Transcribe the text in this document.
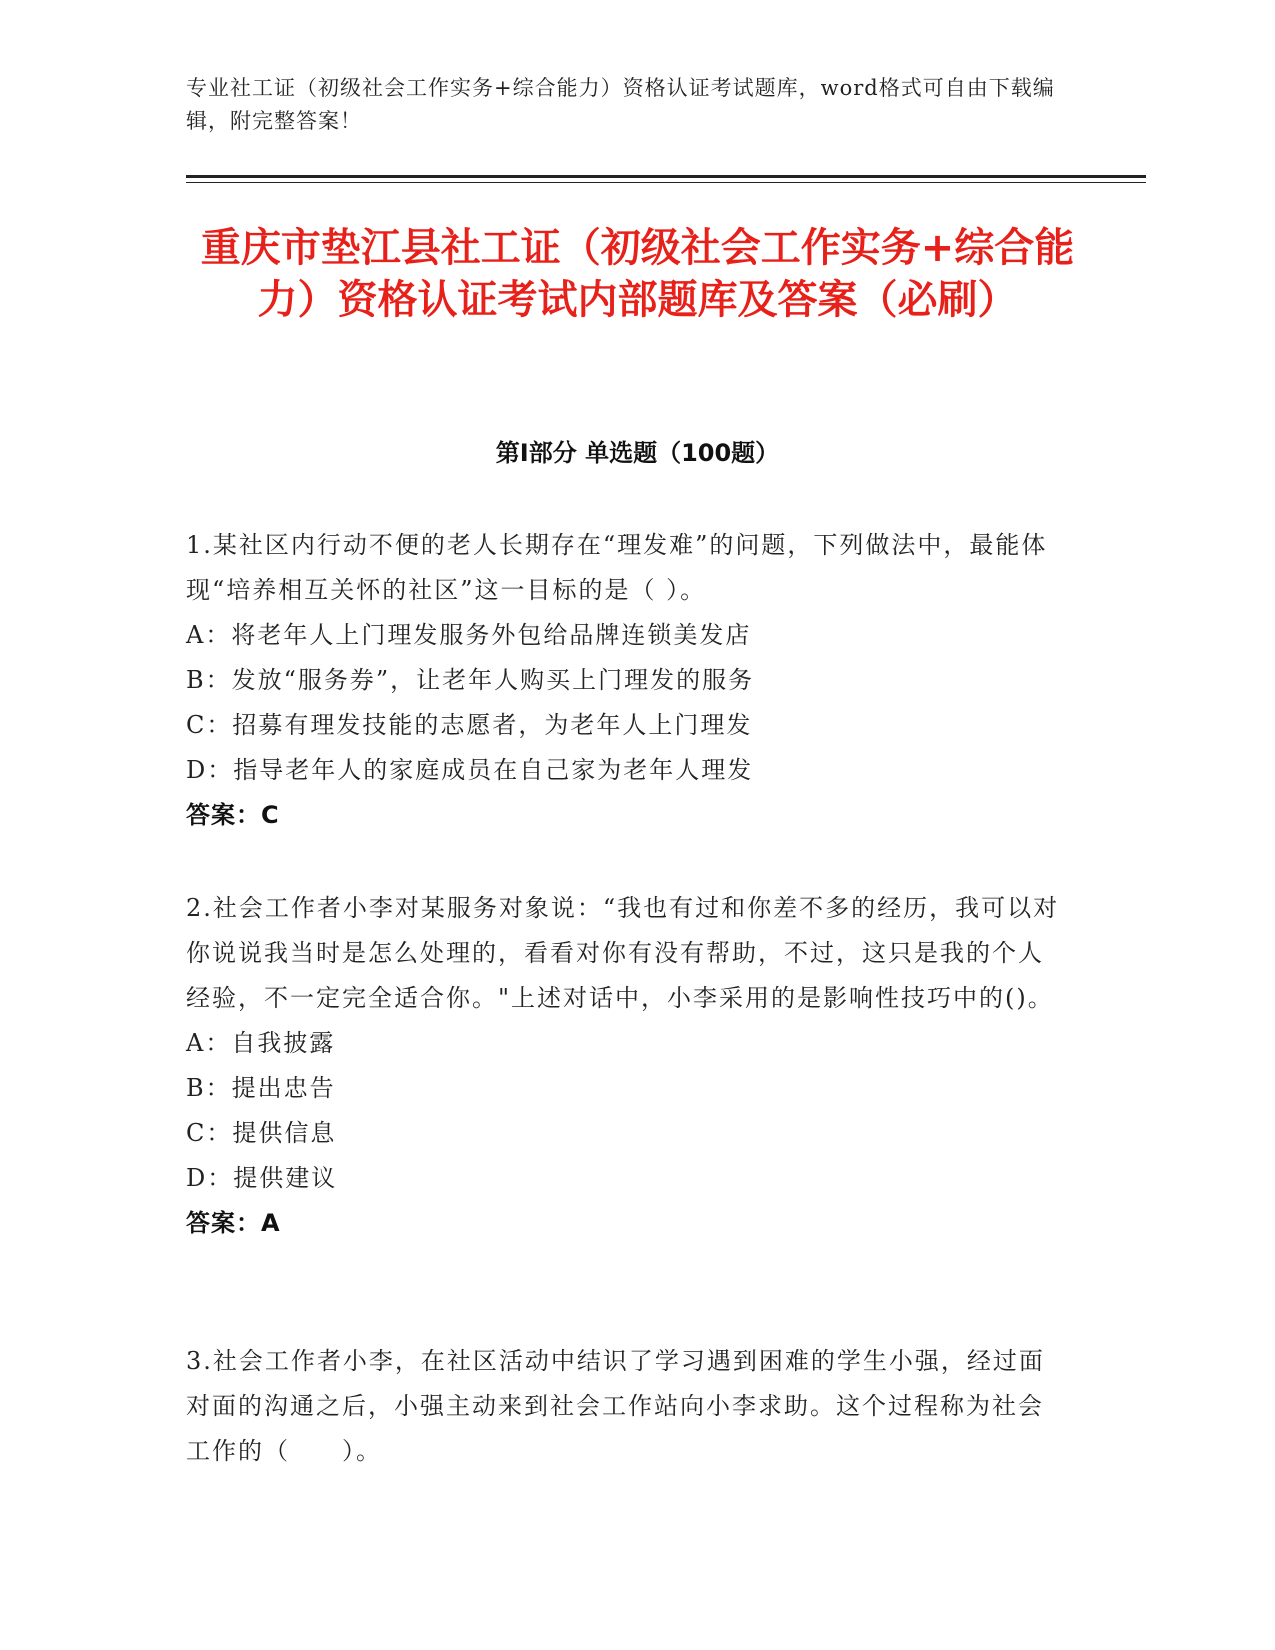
专业社工证（初级社会工作实务+综合能力）资格认证考试题库，word格式可自由下载编辑，附完整答案！
重庆市垫江县社工证（初级社会工作实务+综合能力）资格认证考试内部题库及答案（必刷）
第I部分 单选题（100题）
1.某社区内行动不便的老人长期存在“理发难”的问题，下列做法中，最能体现“培养相互关怀的社区”这一目标的是（ ）。
A：将老年人上门理发服务外包给品牌连锁美发店
B：发放“服务券”，让老年人购买上门理发的服务
C：招募有理发技能的志愿者，为老年人上门理发
D：指导老年人的家庭成员在自己家为老年人理发
答案：C
2.社会工作者小李对某服务对象说：“我也有过和你差不多的经历，我可以对你说说我当时是怎么处理的，看看对你有没有帮助，不过，这只是我的个人经验，不一定完全适合你。"上述对话中，小李采用的是影响性技巧中的()。
A：自我披露
B：提出忠告
C：提供信息
D：提供建议
答案：A
3.社会工作者小李，在社区活动中结识了学习遇到困难的学生小强，经过面对面的沟通之后，小强主动来到社会工作站向小李求助。这个过程称为社会工作的（　　）。
